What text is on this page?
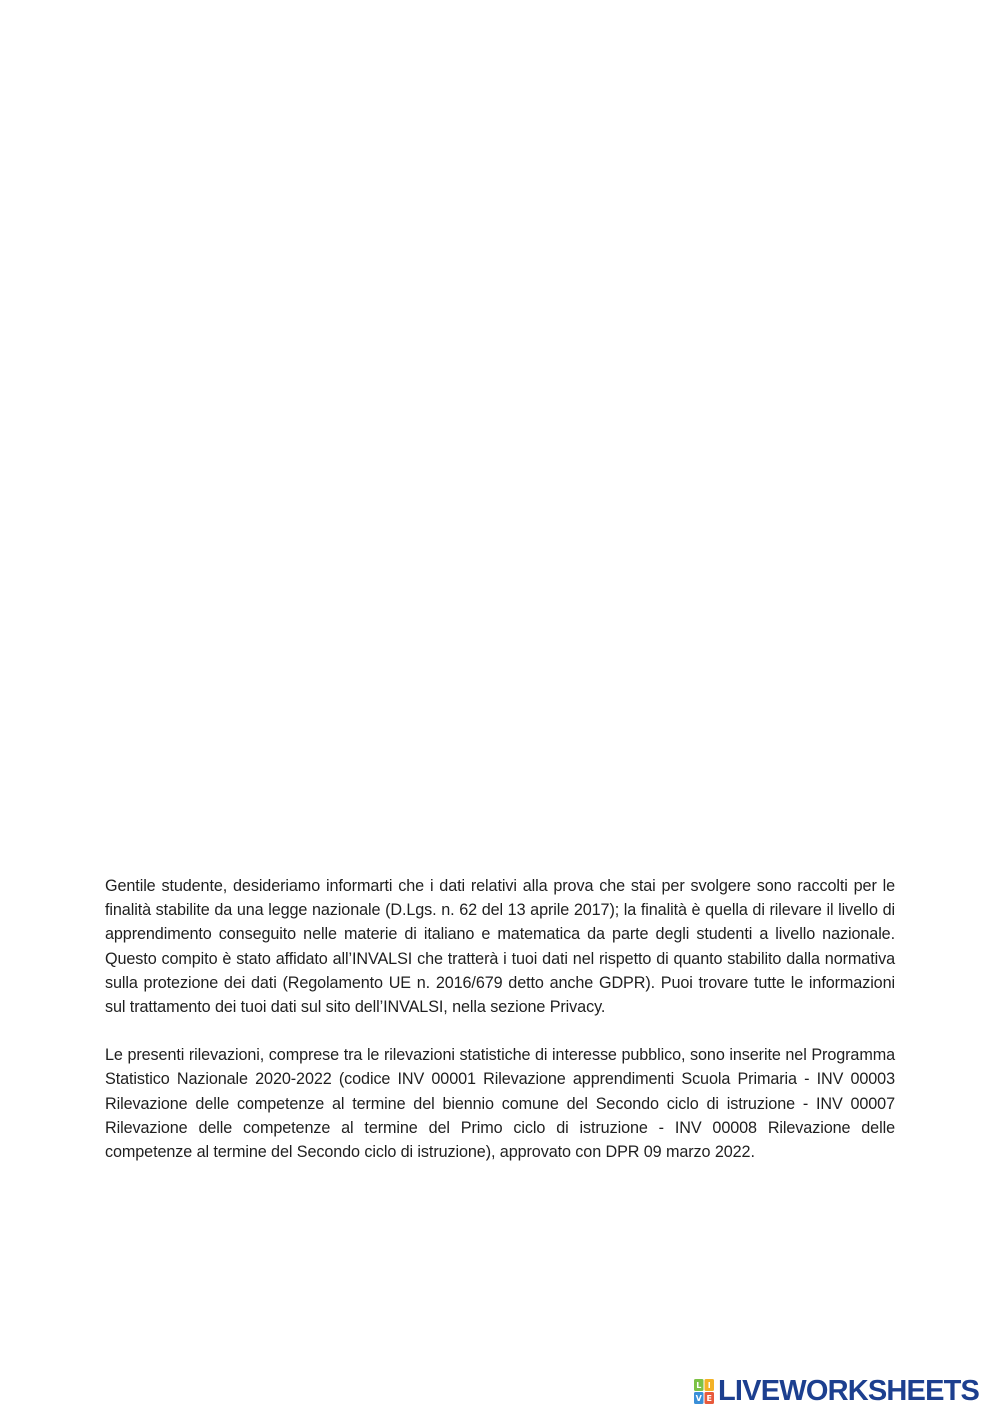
Gentile studente, desideriamo informarti che i dati relativi alla prova che stai per svolgere sono raccolti per le finalità stabilite da una legge nazionale (D.Lgs. n. 62 del 13 aprile 2017); la finalità è quella di rilevare il livello di apprendimento conseguito nelle materie di italiano e matematica da parte degli studenti a livello nazionale. Questo compito è stato affidato all’INVALSI che tratterà i tuoi dati nel rispetto di quanto stabilito dalla normativa sulla protezione dei dati (Regolamento UE n. 2016/679 detto anche GDPR). Puoi trovare tutte le informazioni sul trattamento dei tuoi dati sul sito dell’INVALSI, nella sezione Privacy.

Le presenti rilevazioni, comprese tra le rilevazioni statistiche di interesse pubblico, sono inserite nel Programma Statistico Nazionale 2020-2022 (codice INV 00001 Rilevazione apprendimenti Scuola Primaria - INV 00003 Rilevazione delle competenze al termine del biennio comune del Secondo ciclo di istruzione - INV 00007 Rilevazione delle competenze al termine del Primo ciclo di istruzione - INV 00008 Rilevazione delle competenze al termine del Secondo ciclo di istruzione), approvato con DPR 09 marzo 2022.

L I
V E LIVEWORKSHEETS
